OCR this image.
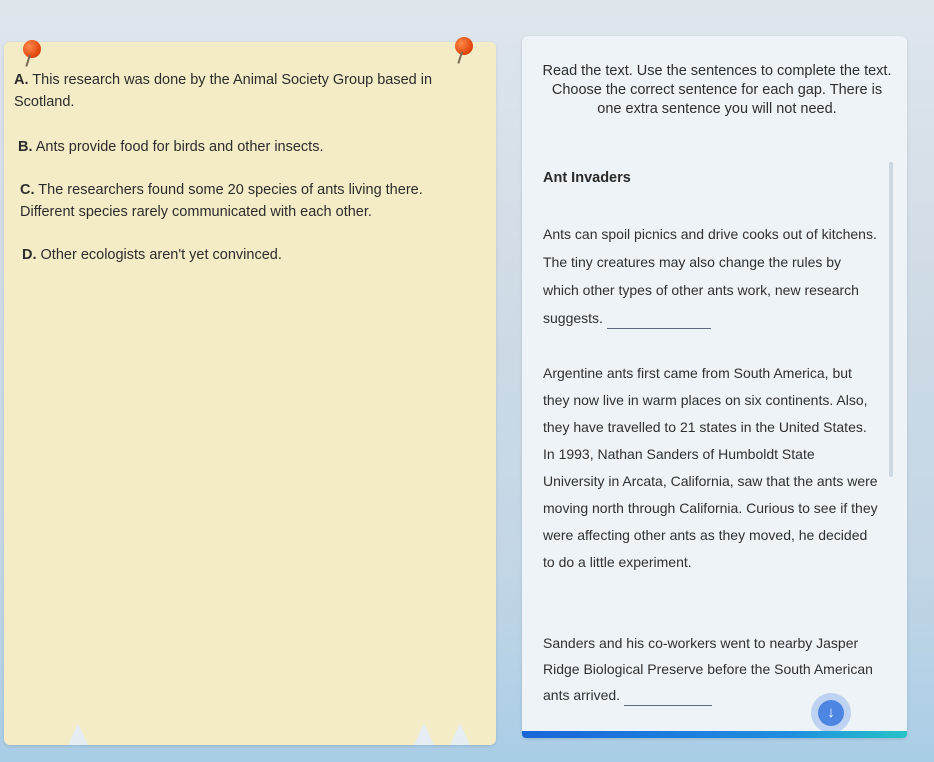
A. This research was done by the Animal Society Group based in Scotland.

B. Ants provide food for birds and other insects.

C. The researchers found some 20 species of ants living there. Different species rarely communicated with each other.

D. Other ecologists aren't yet convinced.

Read the text. Use the sentences to complete the text. Choose the correct sentence for each gap. There is one extra sentence you will not need.

Ant Invaders

Ants can spoil picnics and drive cooks out of kitchens. The tiny creatures may also change the rules by which other types of other ants work, new research suggests.

Argentine ants first came from South America, but they now live in warm places on six continents. Also, they have travelled to 21 states in the United States. In 1993, Nathan Sanders of Humboldt State University in Arcata, California, saw that the ants were moving north through California. Curious to see if they were affecting other ants as they moved, he decided to do a little experiment.

Sanders and his co-workers went to nearby Jasper Ridge Biological Preserve before the South American ants arrived.

↓
